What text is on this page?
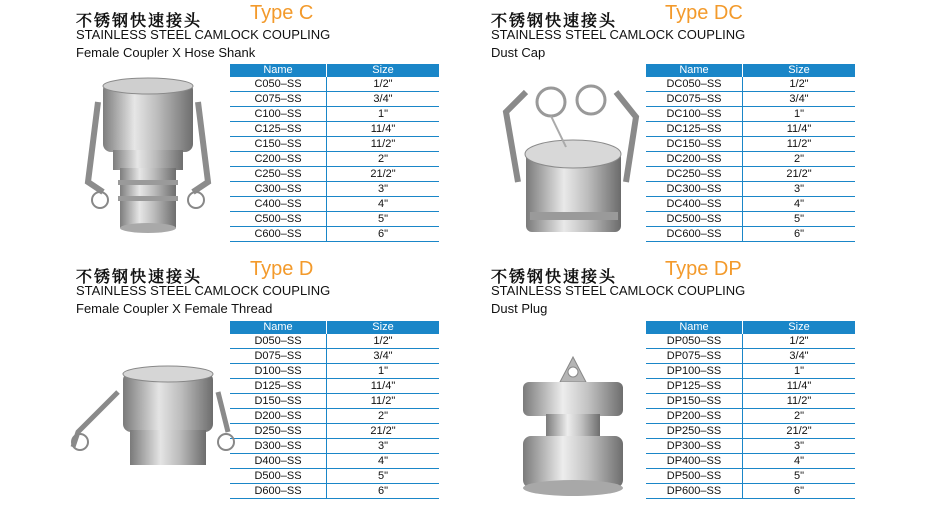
不锈钢快速接头 Type C
STAINLESS STEEL CAMLOCK COUPLING
Female Coupler X Hose Shank
不锈钢快速接头 Type DC
STAINLESS STEEL CAMLOCK COUPLING
Dust Cap
不锈钢快速接头 Type D
STAINLESS STEEL CAMLOCK COUPLING
Female Coupler X Female Thread
不锈钢快速接头 Type DP
STAINLESS STEEL CAMLOCK COUPLING
Dust Plug
Name	Size
C050–SS	1/2"
C075–SS	3/4"
C100–SS	1"
C125–SS	11/4"
C150–SS	11/2"
C200–SS	2"
C250–SS	21/2"
C300–SS	3"
C400–SS	4"
C500–SS	5"
C600–SS	6"
Name	Size
DC050–SS	1/2"
DC075–SS	3/4"
DC100–SS	1"
DC125–SS	11/4"
DC150–SS	11/2"
DC200–SS	2"
DC250–SS	21/2"
DC300–SS	3"
DC400–SS	4"
DC500–SS	5"
DC600–SS	6"
Name	Size
D050–SS	1/2"
D075–SS	3/4"
D100–SS	1"
D125–SS	11/4"
D150–SS	11/2"
D200–SS	2"
D250–SS	21/2"
D300–SS	3"
D400–SS	4"
D500–SS	5"
D600–SS	6"
Name	Size
DP050–SS	1/2"
DP075–SS	3/4"
DP100–SS	1"
DP125–SS	11/4"
DP150–SS	11/2"
DP200–SS	2"
DP250–SS	21/2"
DP300–SS	3"
DP400–SS	4"
DP500–SS	5"
DP600–SS	6"
